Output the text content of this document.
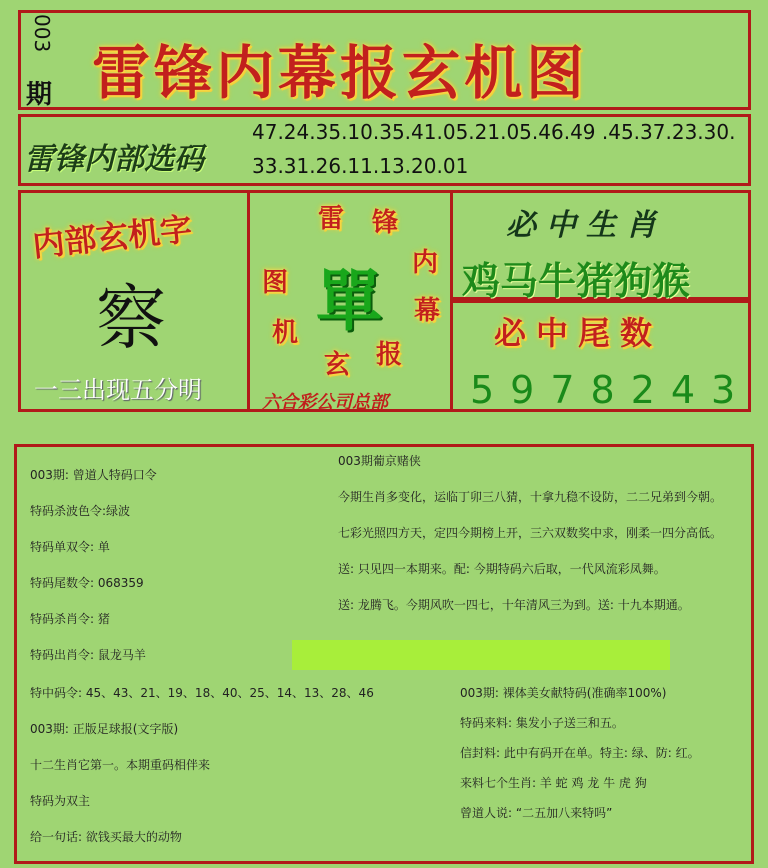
003
期 雷锋内幕报玄机图
雷锋内部选码
47.24.35.10.35.41.05.21.05.46.49 .45.37.23.30.
33.31.26.11.13.20.01
内部玄机字
察
一三出现五分明
雷 锋
内
幕
报
玄
机
图 單
六合彩公司总部
必中生肖
鸡马牛猪狗猴
必中尾数
5978243
003期: 曾道人特码口令
特码杀波色令:绿波
特码单双令: 单
特码尾数令: 068359
特码杀肖令: 猪
特码出肖令: 鼠龙马羊
特中码令: 45、43、21、19、18、40、25、14、13、28、46
003期: 正版足球报(文字版)
十二生肖它第一。本期重码相伴来
特码为双主
给一句话: 欲钱买最大的动物
003期葡京赌侠
今期生肖多变化，运临丁卯三八猜，十拿九稳不设防，二二兄弟到今朝。
七彩光照四方天，定四今期榜上开，三六双数奖中求，刚柔一四分高低。
送: 只见四一本期来。配: 今期特码六后取，一代风流彩凤舞。
送: 龙腾飞。今期风吹一四七，十年清风三为到。送: 十九本期通。
003期: 裸体美女献特码(准确率100%)
特码来料: 集发小子送三和五。
信封料: 此中有码开在单。特主: 绿、防: 红。
来料七个生肖: 羊 蛇 鸡 龙 牛 虎 狗
曾道人说: “二五加八来特吗”
